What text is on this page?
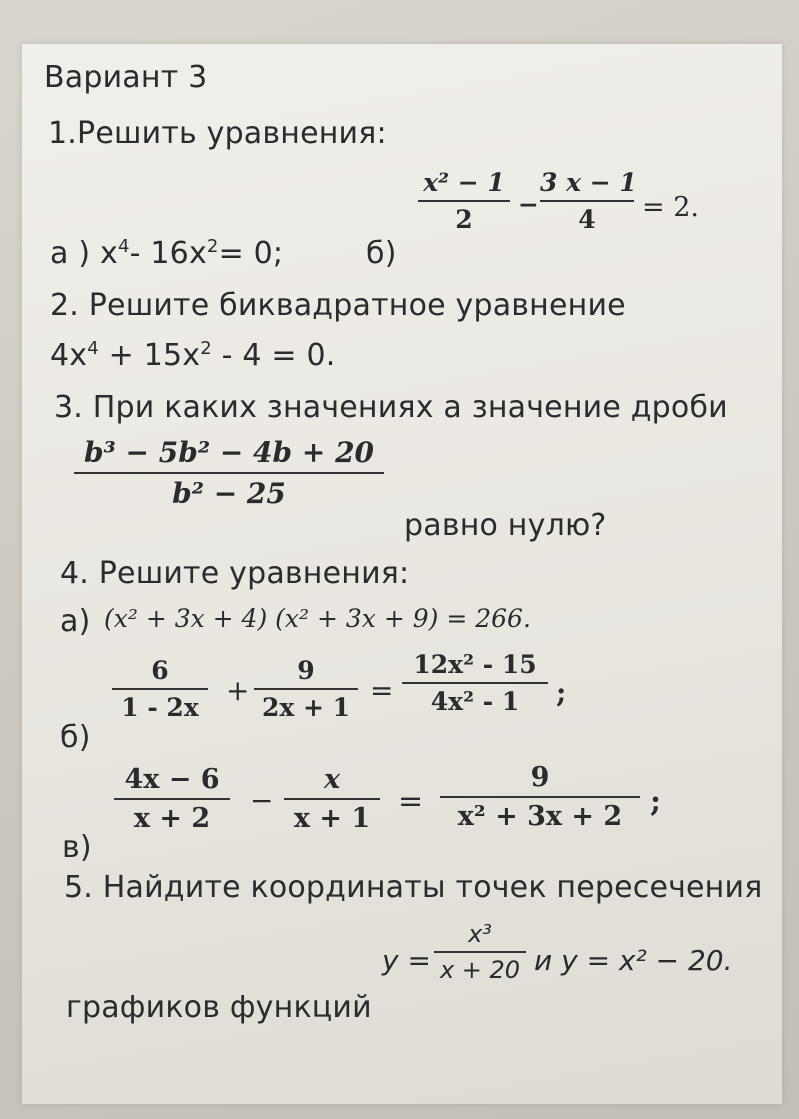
Вариант 3
1.Решить уравнения:
а ) $x^4-$ $16x^2= 0$;	б)
x² − 1
2
−
3 x − 1
4	= 2.
2. Решите биквадратное уравнение
$4x^4 + 15x^2 - 4 = 0$.
3. При каких значениях а значение дроби
b³ − 5b² − 4b + 20
b² − 25
равно нулю?
4. Решите уравнения:
а) (x² + 3x + 4) (x² + 3x + 9) = 266.
6
1 - 2x
+
9
2x + 1
=
12x² - 15
4x² - 1	;
б)
4x − 6
x + 2
−
x
x + 1 =
9
x² + 3x + 2 ;
в)
5. Найдите координаты точек пересечения
y =
x³
x + 20 и y = x² − 20.
графиков функций
